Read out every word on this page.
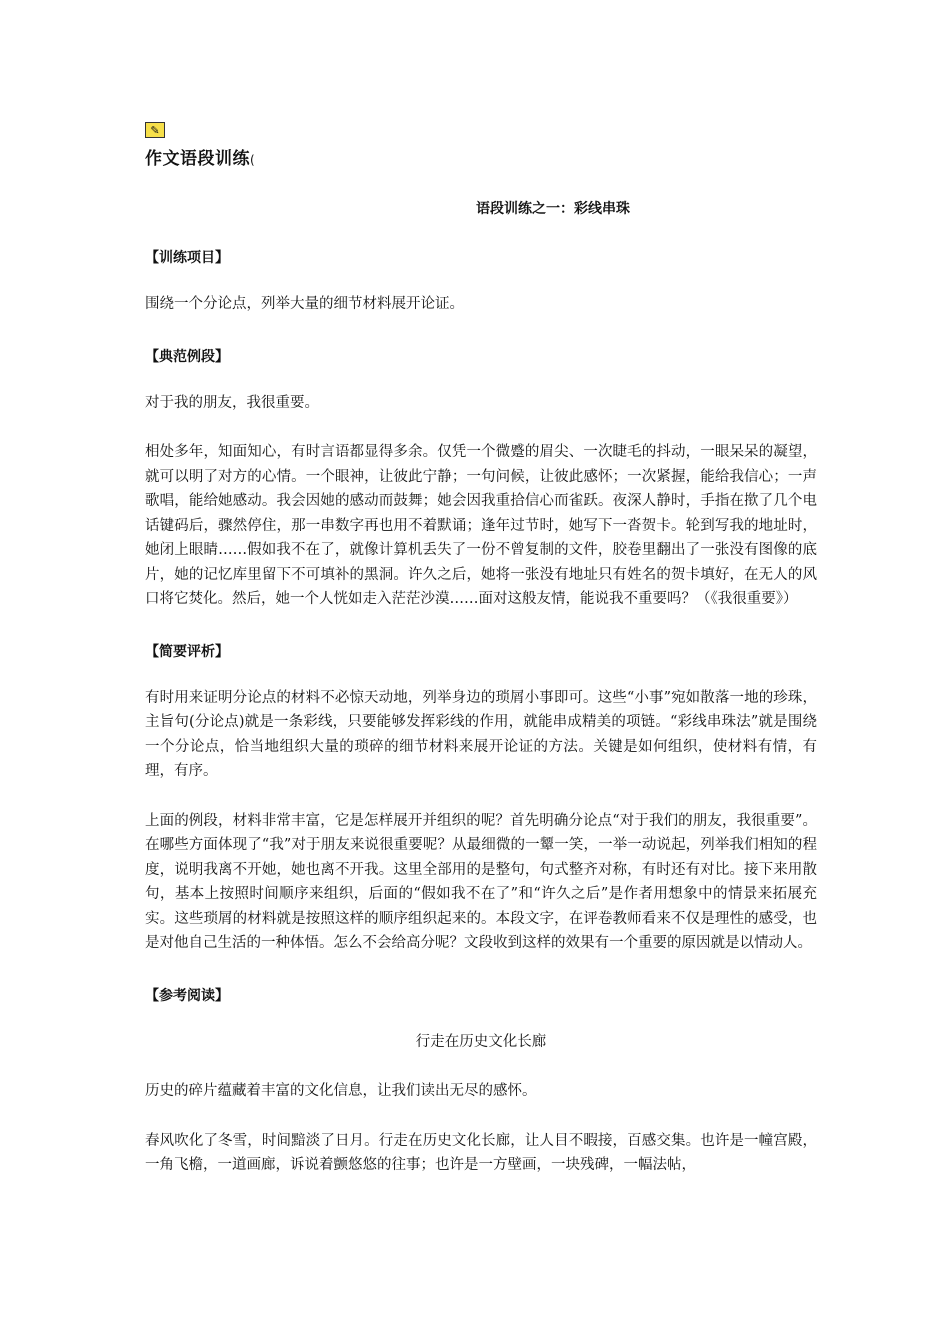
✎
作文语段训练(
语段训练之一：彩线串珠
【训练项目】

围绕一个分论点，列举大量的细节材料展开论证。

【典范例段】

对于我的朋友，我很重要。

相处多年，知面知心，有时言语都显得多余。仅凭一个微蹙的眉尖、一次睫毛的抖动，一眼呆呆的凝望，就可以明了对方的心情。一个眼神，让彼此宁静；一句问候，让彼此感怀；一次紧握，能给我信心；一声歌唱，能给她感动。我会因她的感动而鼓舞；她会因我重拾信心而雀跃。夜深人静时，手指在揿了几个电话键码后，骤然停住，那一串数字再也用不着默诵；逢年过节时，她写下一沓贺卡。轮到写我的地址时，她闭上眼睛……假如我不在了，就像计算机丢失了一份不曾复制的文件，胶卷里翻出了一张没有图像的底片，她的记忆库里留下不可填补的黑洞。许久之后，她将一张没有地址只有姓名的贺卡填好，在无人的风口将它焚化。然后，她一个人恍如走入茫茫沙漠……面对这般友情，能说我不重要吗？（《我很重要》）

【简要评析】

有时用来证明分论点的材料不必惊天动地，列举身边的琐屑小事即可。这些“小事”宛如散落一地的珍珠，主旨句(分论点)就是一条彩线，只要能够发挥彩线的作用，就能串成精美的项链。“彩线串珠法”就是围绕一个分论点，恰当地组织大量的琐碎的细节材料来展开论证的方法。关键是如何组织，使材料有情，有理，有序。

上面的例段，材料非常丰富，它是怎样展开并组织的呢？首先明确分论点“对于我们的朋友，我很重要”。在哪些方面体现了“我”对于朋友来说很重要呢？从最细微的一颦一笑，一举一动说起，列举我们相知的程度，说明我离不开她，她也离不开我。这里全部用的是整句，句式整齐对称，有时还有对比。接下来用散句，基本上按照时间顺序来组织，后面的“假如我不在了”和“许久之后”是作者用想象中的情景来拓展充实。这些琐屑的材料就是按照这样的顺序组织起来的。本段文字，在评卷教师看来不仅是理性的感受，也是对他自己生活的一种体悟。怎么不会给高分呢？文段收到这样的效果有一个重要的原因就是以情动人。

【参考阅读】

行走在历史文化长廊

历史的碎片蕴藏着丰富的文化信息，让我们读出无尽的感怀。

春风吹化了冬雪，时间黯淡了日月。行走在历史文化长廊，让人目不暇接，百感交集。也许是一幢宫殿，一角飞檐，一道画廊，诉说着颤悠悠的往事；也许是一方壁画，一块残碑，一幅法帖，
